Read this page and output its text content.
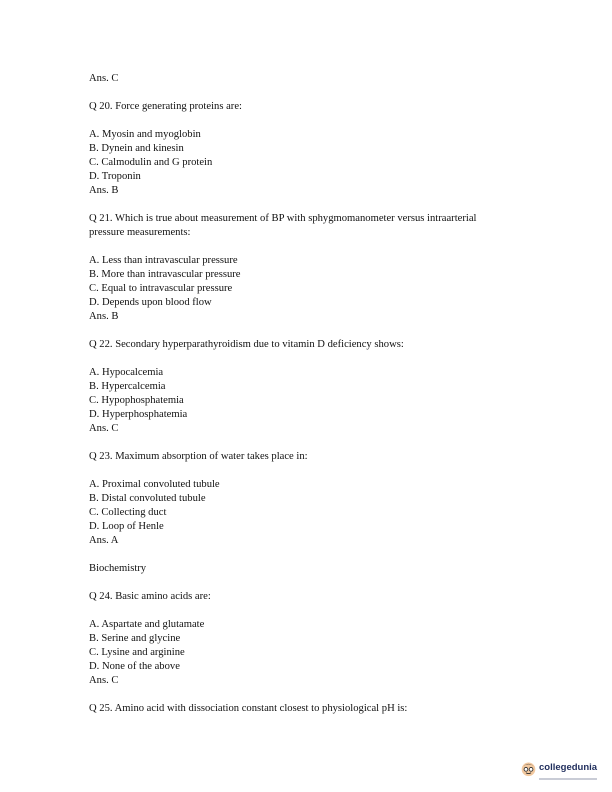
Ans. C
Q 20. Force generating proteins are:
A. Myosin and myoglobin
B. Dynein and kinesin
C. Calmodulin and G protein
D. Troponin
Ans. B
Q 21. Which is true about measurement of BP with sphygmomanometer versus intraarterial pressure measurements:
A. Less than intravascular pressure
B. More than intravascular pressure
C. Equal to intravascular pressure
D. Depends upon blood flow
Ans. B
Q 22. Secondary hyperparathyroidism due to vitamin D deficiency shows:
A. Hypocalcemia
B. Hypercalcemia
C. Hypophosphatemia
D. Hyperphosphatemia
Ans. C
Q 23. Maximum absorption of water takes place in:
A. Proximal convoluted tubule
B. Distal convoluted tubule
C. Collecting duct
D. Loop of Henle
Ans. A
Biochemistry
Q 24. Basic amino acids are:
A. Aspartate and glutamate
B. Serine and glycine
C. Lysine and arginine
D. None of the above
Ans. C
Q 25. Amino acid with dissociation constant closest to physiological pH is:
collegedunia
